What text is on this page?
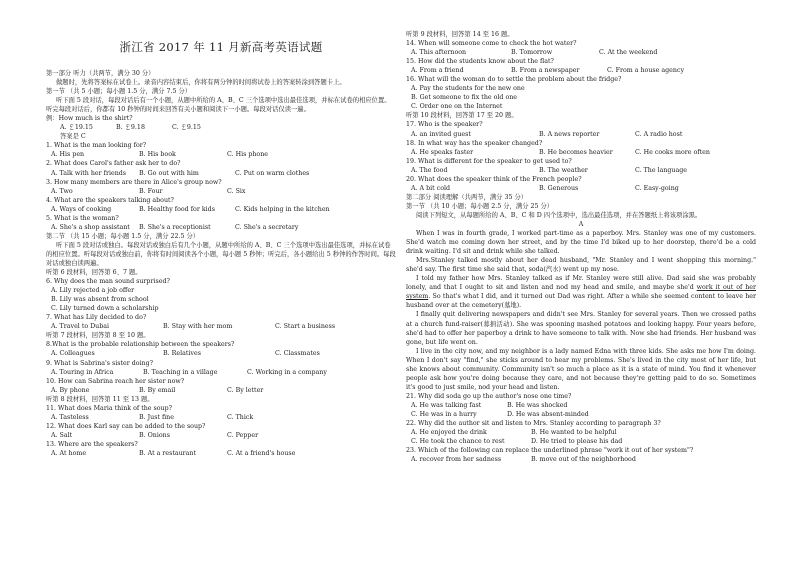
浙江省 2017 年 11 月新高考英语试题
第一部分 听力（共两节，满分 30 分）
做题时，先将答案标在试卷上。录音内容结束后，你将有两分钟的时间将试卷上的答案转涂到答题卡上。
第一节 （共 5 小题；每小题 1.5 分，满分 7.5 分）
听下面 5 段对话，每段对话后有一个小题，从题中所给的 A、B、C 三个选项中选出最佳选项，并标在试卷的相应位置。听完每段对话后，你都有 10 秒钟的时间来回答有关小题和阅读下一小题。每段对话仅读一遍。
例：How much is the shirt?
A. ￡19.15	B. ￡9.18	C. ￡9.15
答案是 C
1. What is the man looking for?
A. His pen	B. His book	C. His phone
2. What does Carol's father ask her to do?
A. Talk with her friends	B. Go out with him	C. Put on warm clothes
3. How many members are there in Alice's group now?
A. Two	B. Four	C. Six
4. What are the speakers talking about?
A. Ways of cooking	B. Healthy food for kids	C. Kids helping in the kitchen
5. What is the woman?
A. She's a shop assistant	B. She's a receptionist	C. She's a secretary
第二节 （共 15 小题；每小题 1.5 分，满分 22.5 分）
听下面 5 段对话或独白。每段对话或独白后有几个小题，从题中所给的 A、B、C 三个选项中选出最佳选项，并标在试卷的相应位置。听每段对话或独白前，你将有时间阅读各个小题，每小题 5 秒钟；听完后，各小题给出 5 秒钟的作答时间。每段对话或独白读两遍。
听第 6 段材料，回答第 6、7 题。
6. Why does the man sound surprised?
A. Lily rejected a job offer
B. Lily was absent from school
C. Lily turned down a scholarship
7. What has Lily decided to do?
A. Travel to Dubai	B. Stay with her mom	C. Start a business
听第 7 段材料，回答第 8 至 10 题。
8.What is the probable relationship between the speakers?
A. Colleagues	B. Relatives	C. Classmates
9. What is Sabrina's sister doing?
A. Touring in Africa	B. Teaching in a village	C. Working in a company
10. How can Sabrina reach her sister now?
A. By phone	B. By email	C. By letter
听第 8 段材料，回答第 11 至 13 题。
11. What does Maria think of the soup?
A. Tasteless	B. Just fine	C. Thick
12. What does Karl say can be added to the soup?
A. Salt	B. Onions	C. Pepper
13. Where are the speakers?
A. At home	B. At a restaurant	C. At a friend's house
听第 9 段材料，回答第 14 至 16 题。
14. When will someone come to check the hot water?
A. This afternoon	B. Tomorrow	C. At the weekend
15. How did the students know about the flat?
A. From a friend	B. From a newspaper	C. From a house agency
16. What will the woman do to settle the problem about the fridge?
A. Pay the students for the new one
B. Get someone to fix the old one
C. Order one on the Internet
听第 10 段材料，回答第 17 至 20 题。
17. Who is the speaker?
A. an invited guest	B. A news reporter	C. A radio host
18. In what way has the speaker changed?
A. He speaks faster	B. He becomes heavier	C. He cooks more often
19. What is different for the speaker to get used to?
A. The food	B. The weather	C. The language
20. What does the speaker think of the French people?
A. A bit cold	B. Generous	C. Easy-going
第二部分 阅读理解（共两节，满分 35 分）
第一节 （共 10 小题；每小题 2.5 分，满分 25 分）
阅读下列短文，从每题所给的 A、B、C 和 D 四个选项中，选出最佳选项，并在答题纸上将该项涂黑。
A
When I was in fourth grade, I worked part-time as a paperboy. Mrs. Stanley was one of my customers. She'd watch me coming down her street, and by the time I'd biked up to her doorstep, there'd be a cold drink waiting. I'd sit and drink while she talked.
Mrs.Stanley talked mostly about her dead husband, "Mr. Stanley and I went shopping this morning." she'd say. The first time she said that, soda(汽水) went up my nose.
I told my father how Mrs. Stanley talked as if Mr. Stanley were still alive. Dad said she was probably lonely, and that I ought to sit and listen and nod my head and smile, and maybe she'd work it out of her system. So that's what I did, and it turned out Dad was right. After a while she seemed content to leave her husband over at the cemetery(墓地).
I finally quit delivering newspapers and didn't see Mrs. Stanley for several years. Then we crossed paths at a church fund-raiser(募捐活动). She was spooning mashed potatoes and looking happy. Four years before, she'd had to offer her paperboy a drink to have someone to talk with. Now she had friends. Her husband was gone, but life went on.
I live in the city now, and my neighbor is a lady named Edna with three kids. She asks me how I'm doing. When I don't say "find," she sticks around to hear my problems. She's lived in the city most of her life, but she knows about community. Community isn't so much a place as it is a state of mind. You find it whenever people ask how you're doing because they care, and not because they're getting paid to do so. Sometimes it's good to just smile, nod your head and listen.
21. Why did soda go up the author's nose one time?
A. He was talking fast	B. He was shocked
C. He was in a hurry	D. He was absent-minded
22. Why did the author sit and listen to Mrs. Stanley according to paragraph 3?
A. He enjoyed the drink	B. He wanted to be helpful
C. He took the chance to rest	D. He tried to please his dad
23. Which of the following can replace the underlined phrase "work it out of her system"?
A. recover from her sadness	B. move out of the neighborhood
